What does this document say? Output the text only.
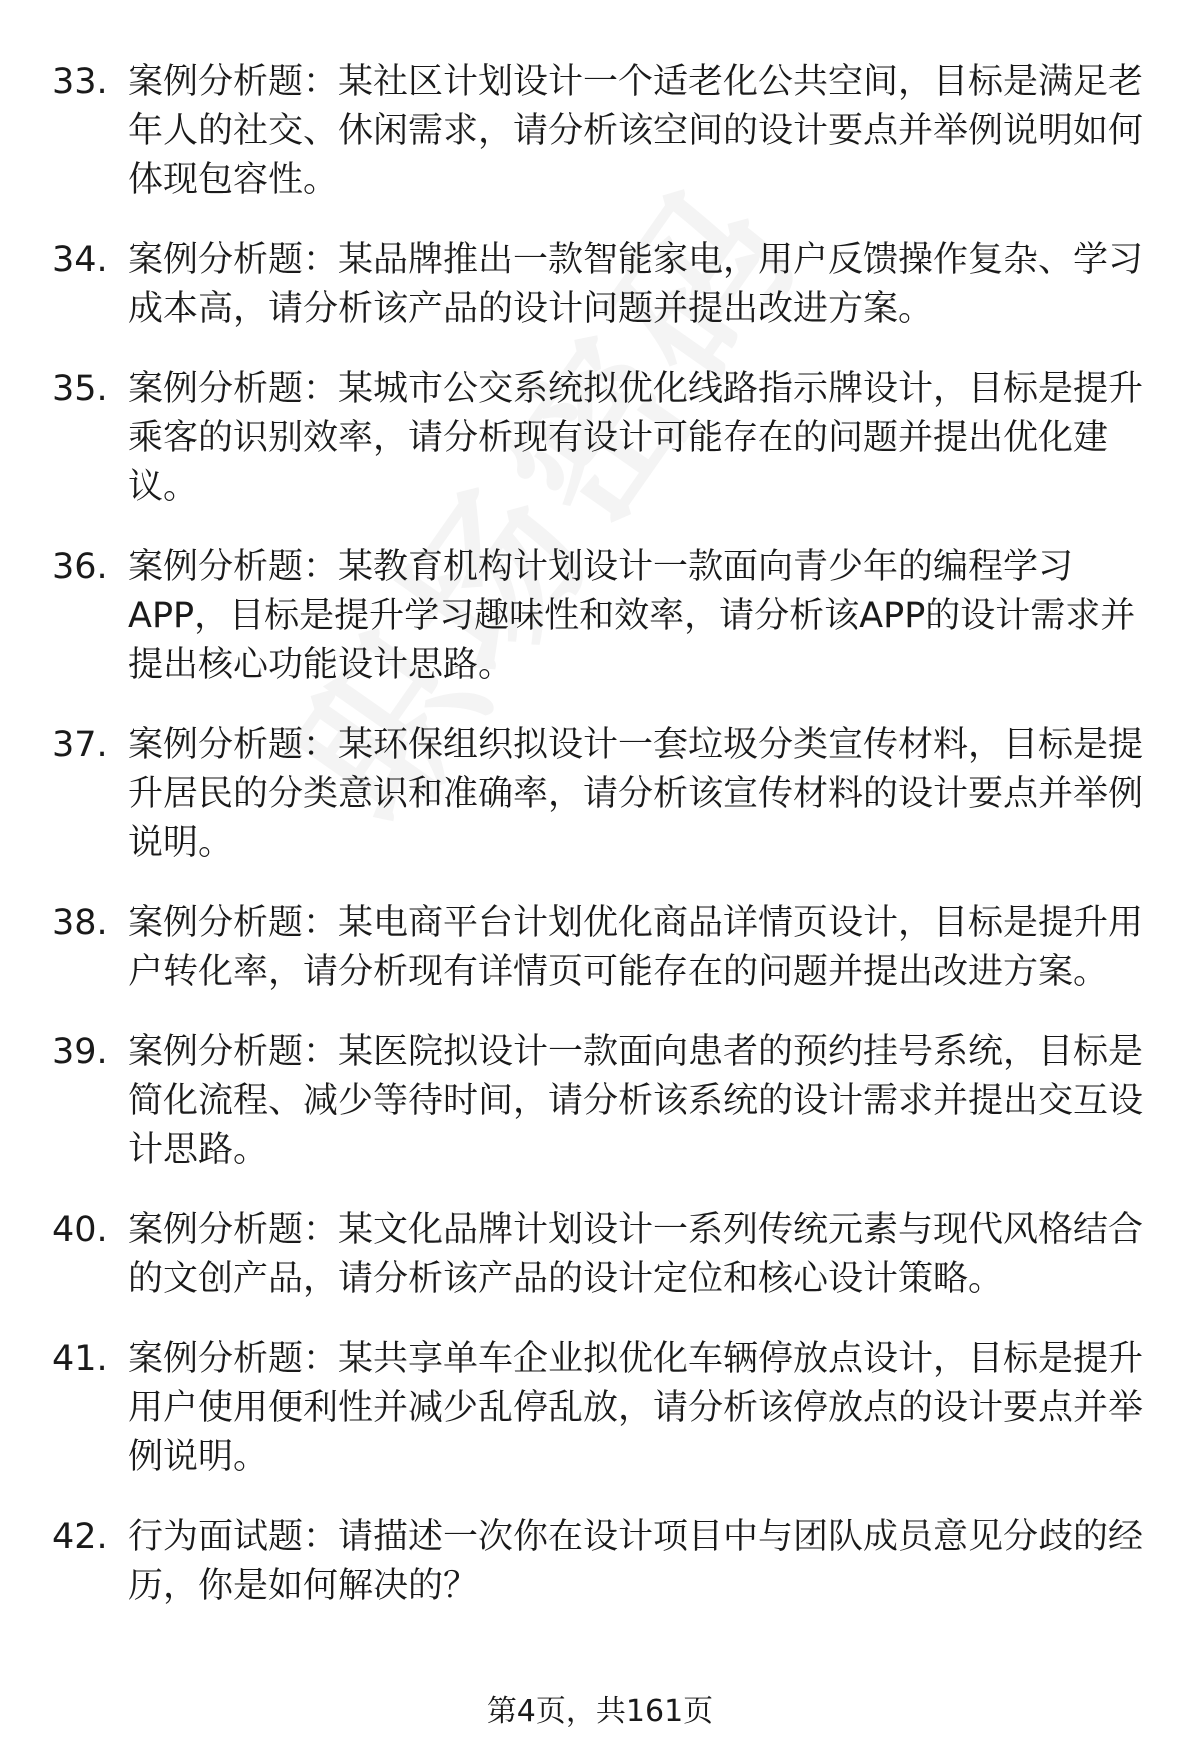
33. 案例分析题：某社区计划设计一个适老化公共空间，目标是满足老年人的社交、休闲需求，请分析该空间的设计要点并举例说明如何体现包容性。
34. 案例分析题：某品牌推出一款智能家电，用户反馈操作复杂、学习成本高，请分析该产品的设计问题并提出改进方案。
35. 案例分析题：某城市公交系统拟优化线路指示牌设计，目标是提升乘客的识别效率，请分析现有设计可能存在的问题并提出优化建议。
36. 案例分析题：某教育机构计划设计一款面向青少年的编程学习APP，目标是提升学习趣味性和效率，请分析该APP的设计需求并提出核心功能设计思路。
37. 案例分析题：某环保组织拟设计一套垃圾分类宣传材料，目标是提升居民的分类意识和准确率，请分析该宣传材料的设计要点并举例说明。
38. 案例分析题：某电商平台计划优化商品详情页设计，目标是提升用户转化率，请分析现有详情页可能存在的问题并提出改进方案。
39. 案例分析题：某医院拟设计一款面向患者的预约挂号系统，目标是简化流程、减少等待时间，请分析该系统的设计需求并提出交互设计思路。
40. 案例分析题：某文化品牌计划设计一系列传统元素与现代风格结合的文创产品，请分析该产品的设计定位和核心设计策略。
41. 案例分析题：某共享单车企业拟优化车辆停放点设计，目标是提升用户使用便利性并减少乱停乱放，请分析该停放点的设计要点并举例说明。
42. 行为面试题：请描述一次你在设计项目中与团队成员意见分歧的经历，你是如何解决的？
第4页，共161页
